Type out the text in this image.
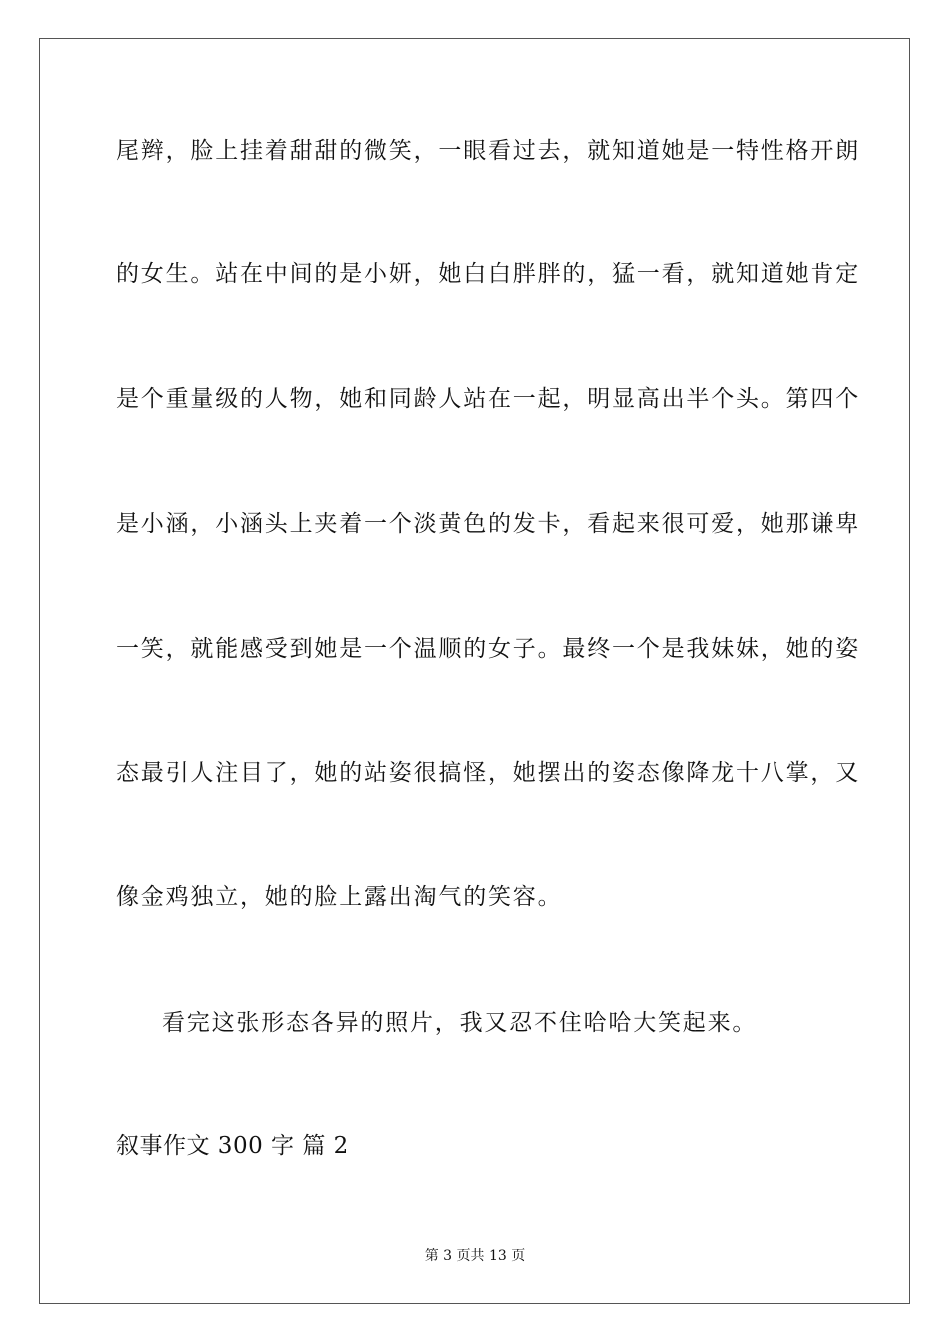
尾辫，脸上挂着甜甜的微笑，一眼看过去，就知道她是一特性格开朗
的女生。站在中间的是小妍，她白白胖胖的，猛一看，就知道她肯定
是个重量级的人物，她和同龄人站在一起，明显高出半个头。第四个
是小涵，小涵头上夹着一个淡黄色的发卡，看起来很可爱，她那谦卑
一笑，就能感受到她是一个温顺的女子。最终一个是我妹妹，她的姿
态最引人注目了，她的站姿很搞怪，她摆出的姿态像降龙十八掌，又
像金鸡独立，她的脸上露出淘气的笑容。
看完这张形态各异的照片，我又忍不住哈哈大笑起来。
叙事作文 300 字 篇 2
第 3 页共 13 页
